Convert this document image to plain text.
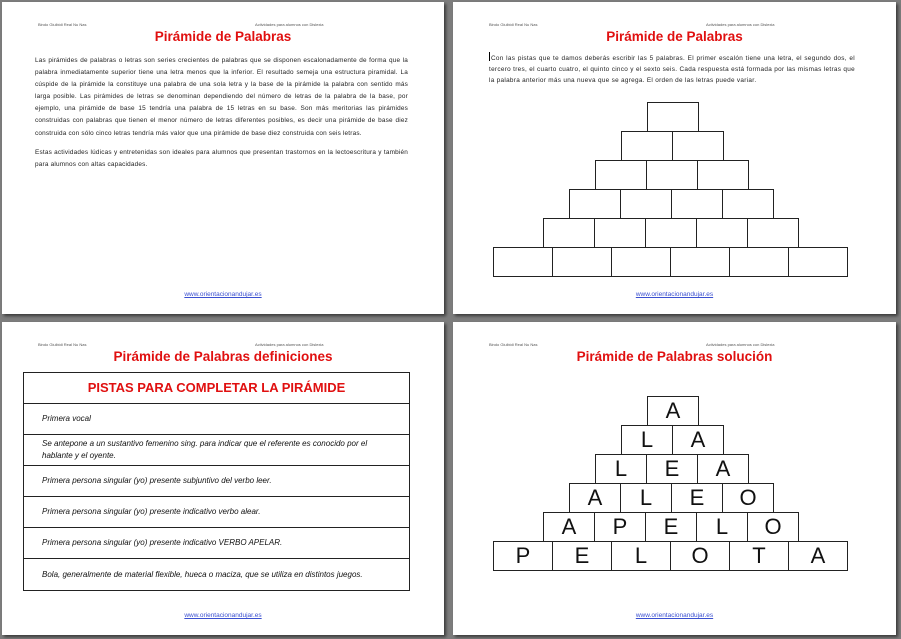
Bindo Giulbidi Real Nu Nas	Actividades para alumnos con Dislexia
Pirámide de Palabras

Las pirámides de palabras o letras son series crecientes de palabras que se disponen escalonadamente de forma que la palabra inmediatamente superior tiene una letra menos que la inferior. El resultado semeja una estructura piramidal. La cúspide de la pirámide la constituye una palabra de una sola letra y la base de la pirámide la palabra con sentido más larga posible. Las pirámides de letras se denominan dependiendo del número de letras de la palabra de la base, por ejemplo, una pirámide de base 15 tendría una palabra de 15 letras en su base. Son más meritorias las pirámides construidas con palabras que tienen el menor número de letras diferentes posibles, es decir una pirámide de base diez construida con sólo cinco letras tendría más valor que una pirámide de base diez construida con seis letras.

Estas actividades lúdicas y entretenidas son ideales para alumnos que presentan trastornos en la lectoescritura y también para alumnos con altas capacidades.

www.orientacionandujar.es
Bindo Giulbidi Real Nu Nas	Actividades para alumnos con Dislexia
Pirámide de Palabras
Con las pistas que te damos deberás escribir las 5 palabras. El primer escalón tiene una letra, el segundo dos, el tercero tres, el cuarto cuatro, el quinto cinco y el sexto seis. Cada respuesta está formada por las mismas letras que la palabra anterior más una nueva que se agrega. El orden de las letras puede variar.
www.orientacionandujar.es
Bindo Giulbidi Real Nu Nas	Actividades para alumnos con Dislexia
Pirámide de Palabras definiciones
PISTAS PARA COMPLETAR LA PIRÁMIDE
Primera vocal
Se antepone a un sustantivo femenino sing. para indicar que el referente es conocido por el hablante y el oyente.
Primera persona singular (yo) presente subjuntivo del verbo leer.
Primera persona singular (yo) presente indicativo verbo alear.
Primera persona singular (yo) presente indicativo VERBO APELAR.
Bola, generalmente de material flexible, hueca o maciza, que se utiliza en distintos juegos.
www.orientacionandujar.es
Bindo Giulbidi Real Nu Nas	Actividades para alumnos con Dislexia
Pirámide de Palabras solución
A
L	A
L	E	A
A	L	E	O
A	P	E	L	O
P	E	L	O	T	A
www.orientacionandujar.es
